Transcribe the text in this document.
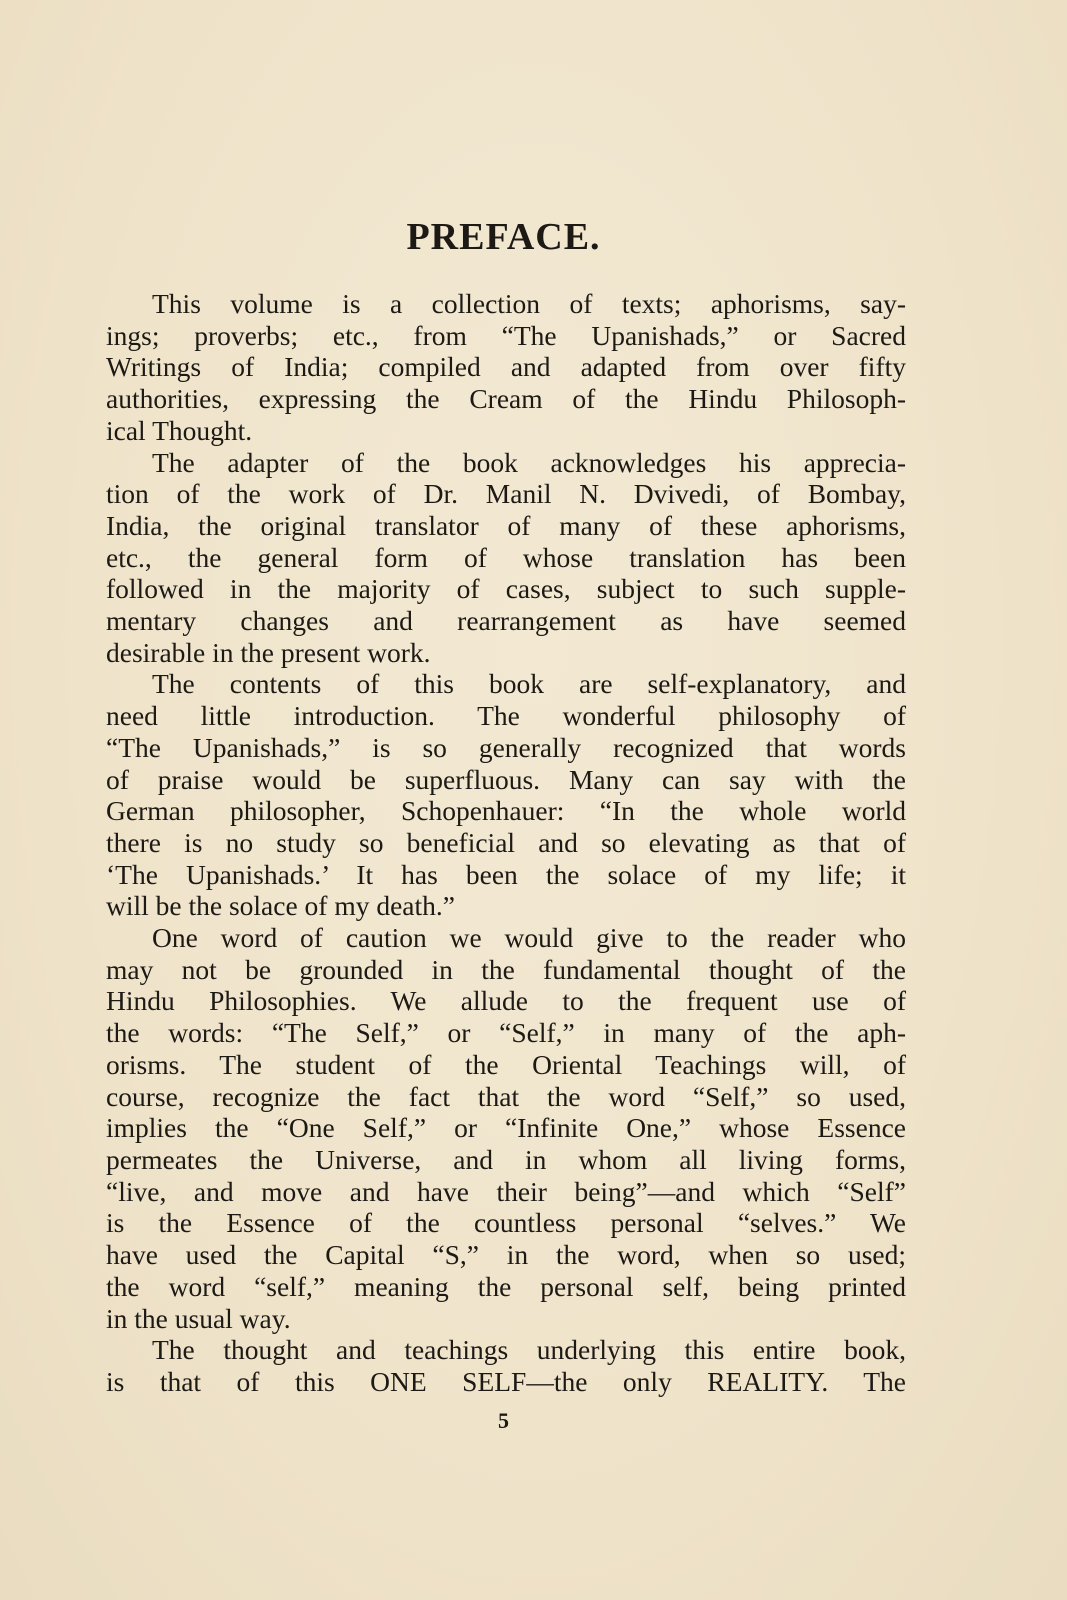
PREFACE.
This volume is a collection of texts; aphorisms, say-
ings; proverbs; etc., from “The Upanishads,” or Sacred
Writings of India; compiled and adapted from over fifty
authorities, expressing the Cream of the Hindu Philosoph-
ical Thought.
The adapter of the book acknowledges his apprecia-
tion of the work of Dr. Manil N. Dvivedi, of Bombay,
India, the original translator of many of these aphorisms,
etc., the general form of whose translation has been
followed in the majority of cases, subject to such supple-
mentary changes and rearrangement as have seemed
desirable in the present work.
The contents of this book are self-explanatory, and
need little introduction. The wonderful philosophy of
“The Upanishads,” is so generally recognized that words
of praise would be superfluous. Many can say with the
German philosopher, Schopenhauer: “In the whole world
there is no study so beneficial and so elevating as that of
‘The Upanishads.’ It has been the solace of my life; it
will be the solace of my death.”
One word of caution we would give to the reader who
may not be grounded in the fundamental thought of the
Hindu Philosophies. We allude to the frequent use of
the words: “The Self,” or “Self,” in many of the aph-
orisms. The student of the Oriental Teachings will, of
course, recognize the fact that the word “Self,” so used,
implies the “One Self,” or “Infinite One,” whose Essence
permeates the Universe, and in whom all living forms,
“live, and move and have their being”—and which “Self”
is the Essence of the countless personal “selves.” We
have used the Capital “S,” in the word, when so used;
the word “self,” meaning the personal self, being printed
in the usual way.
The thought and teachings underlying this entire book,
is that of this ONE SELF—the only REALITY. The
5
